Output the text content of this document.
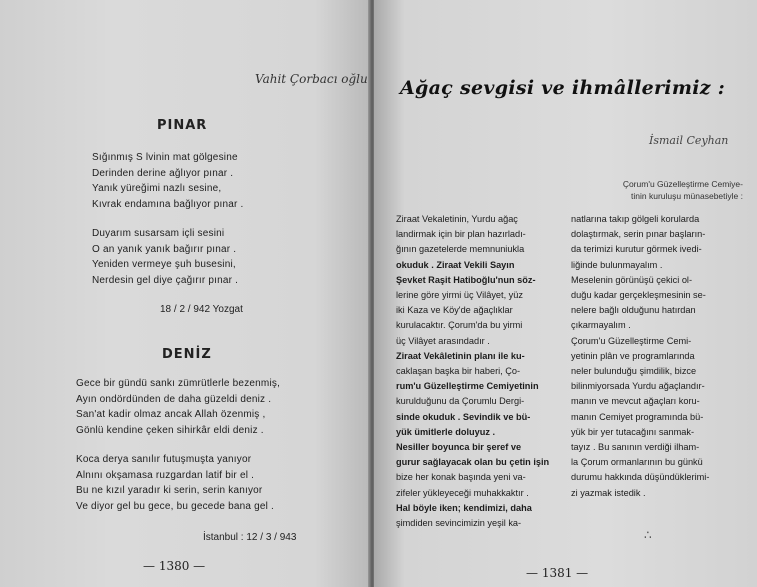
Vahit Çorbacı oğlu
PINAR
Sığınmış S lvinin mat gölgesine
Derinden derine ağlıyor pınar .
Yanık yüreğimi nazlı sesine,
Kıvrak endamına bağlıyor pınar .
Duyarım susarsam içli sesini
O an yanık yanık bağırır pınar .
Yeniden vermeye şuh busesini,
Nerdesin gel diye çağırır pınar .
18 / 2 / 942 Yozgat
DENİZ
Gece bir gündü sankı zümrütlerle bezenmiş,
Ayın ondördünden de daha güzeldi deniz .
San'at kadir olmaz ancak Allah özenmiş ,
Gönlü kendine çeken sihirkâr eldi deniz .
Koca derya sanılır futuşmuşta yanıyor
Alnını okşamasa ruzgardan latif bir el .
Bu ne kızıl yaradır ki serin, serin kanıyor
Ve diyor gel bu gece, bu gecede bana gel .
İstanbul : 12 / 3 / 943
— 1380 —
Ağaç sevgisi ve ihmâllerimiz :
İsmail Ceyhan
Çorum'u Güzelleştirme Cemiye-
tinin kuruluşu münasebetiyle :
Ziraat Vekaletinin, Yurdu ağaç
landirmak için bir plan hazırladı-
ğının gazetelerde memnuniukla
okuduk . Ziraat Vekili Sayın
Şevket Raşit Hatiboğlu'nun söz-
lerine göre yirmi üç Vilâyet, yüz
iki Kaza ve Köy'de ağaçlıklar
kurulacaktır. Çorum'da bu yirmi
üç Vilâyet arasındadır .
Ziraat Vekâletinin planı ile ku-
caklaşan başka bir haberi, Ço-
rum'u Güzelleştirme Cemiyetinin
kurulduğunu da Çorumlu Dergi-
sinde okuduk . Sevindik ve bü-
yük ümitlerle doluyuz .
Nesiller boyunca bir şeref ve
gurur sağlayacak olan bu çetin işin
bize her konak başında yeni va-
zifeler yükleyeceği muhakkaktır .
Hal böyle iken; kendimizi, daha
şimdiden sevincimizin yeşil ka-
natlarına takıp gölgeli korularda
dolaştırmak, serin pınar başların-
da terimizi kurutur görmek ivedi-
liğinde bulunmayalım .
Meselenin görünüşü çekici ol-
duğu kadar gerçekleşmesinin se-
nelere bağlı olduğunu hatırdan
çıkarmayalım .
Çorum'u Güzelleştirme Cemi-
yetinin plân ve programlarında
neler bulunduğu şimdilik, bizce
bilinmiyorsada Yurdu ağaçlandır-
manın ve mevcut ağaçları koru-
manın Cemiyet programında bü-
yük bir yer tutacağını sanmak-
tayız . Bu sanının verdiği ilham-
la Çorum ormanlarının bu günkü
durumu hakkında düşündüklerimi-
zi yazmak istedik .
∴
— 1381 —
